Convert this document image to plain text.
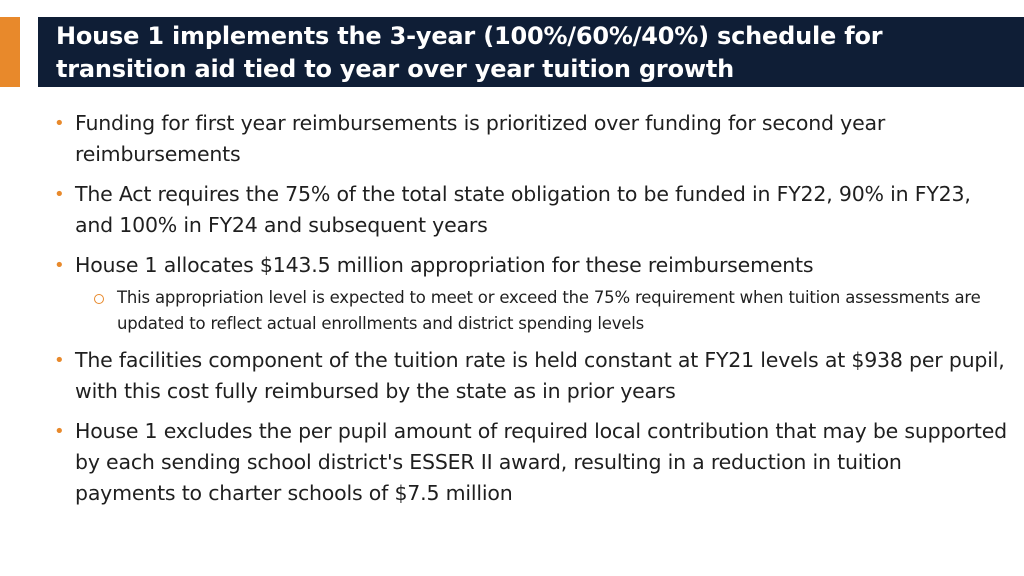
House 1 implements the 3-year (100%/60%/40%) schedule for transition aid tied to year over year tuition growth
• Funding for first year reimbursements is prioritized over funding for second year reimbursements
• The Act requires the 75% of the total state obligation to be funded in FY22, 90% in FY23, and 100% in FY24 and subsequent years
• House 1 allocates $143.5 million appropriation for these reimbursements
This appropriation level is expected to meet or exceed the 75% requirement when tuition assessments are updated to reflect actual enrollments and district spending levels
• The facilities component of the tuition rate is held constant at FY21 levels at $938 per pupil, with this cost fully reimbursed by the state as in prior years
• House 1 excludes the per pupil amount of required local contribution that may be supported by each sending school district's ESSER II award, resulting in a reduction in tuition payments to charter schools of $7.5 million
